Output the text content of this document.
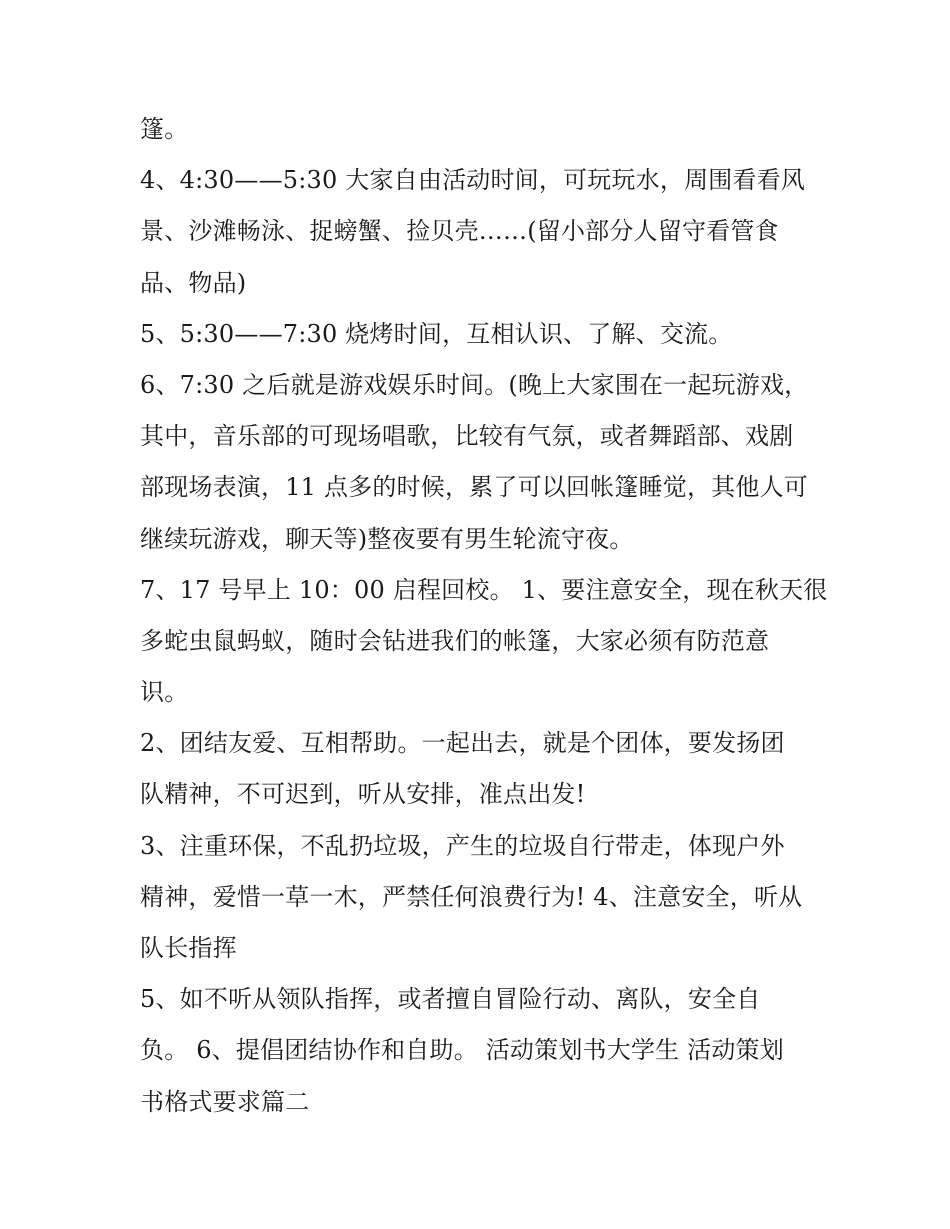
篷。
4、4:30——5:30 大家自由活动时间，可玩玩水，周围看看风
景、沙滩畅泳、捉螃蟹、捡贝壳……(留小部分人留守看管食
品、物品)
5、5:30——7:30 烧烤时间，互相认识、了解、交流。
6、7:30 之后就是游戏娱乐时间。(晚上大家围在一起玩游戏，
其中，音乐部的可现场唱歌，比较有气氛，或者舞蹈部、戏剧
部现场表演，11 点多的时候，累了可以回帐篷睡觉，其他人可
继续玩游戏，聊天等)整夜要有男生轮流守夜。
7、17 号早上 10：00 启程回校。 1、要注意安全，现在秋天很
多蛇虫鼠蚂蚁，随时会钻进我们的帐篷，大家必须有防范意
识。
2、团结友爱、互相帮助。一起出去，就是个团体，要发扬团
队精神，不可迟到，听从安排，准点出发!
3、注重环保，不乱扔垃圾，产生的垃圾自行带走，体现户外
精神，爱惜一草一木，严禁任何浪费行为! 4、注意安全，听从
队长指挥
5、如不听从领队指挥，或者擅自冒险行动、离队，安全自
负。 6、提倡团结协作和自助。 活动策划书大学生 活动策划
书格式要求篇二
